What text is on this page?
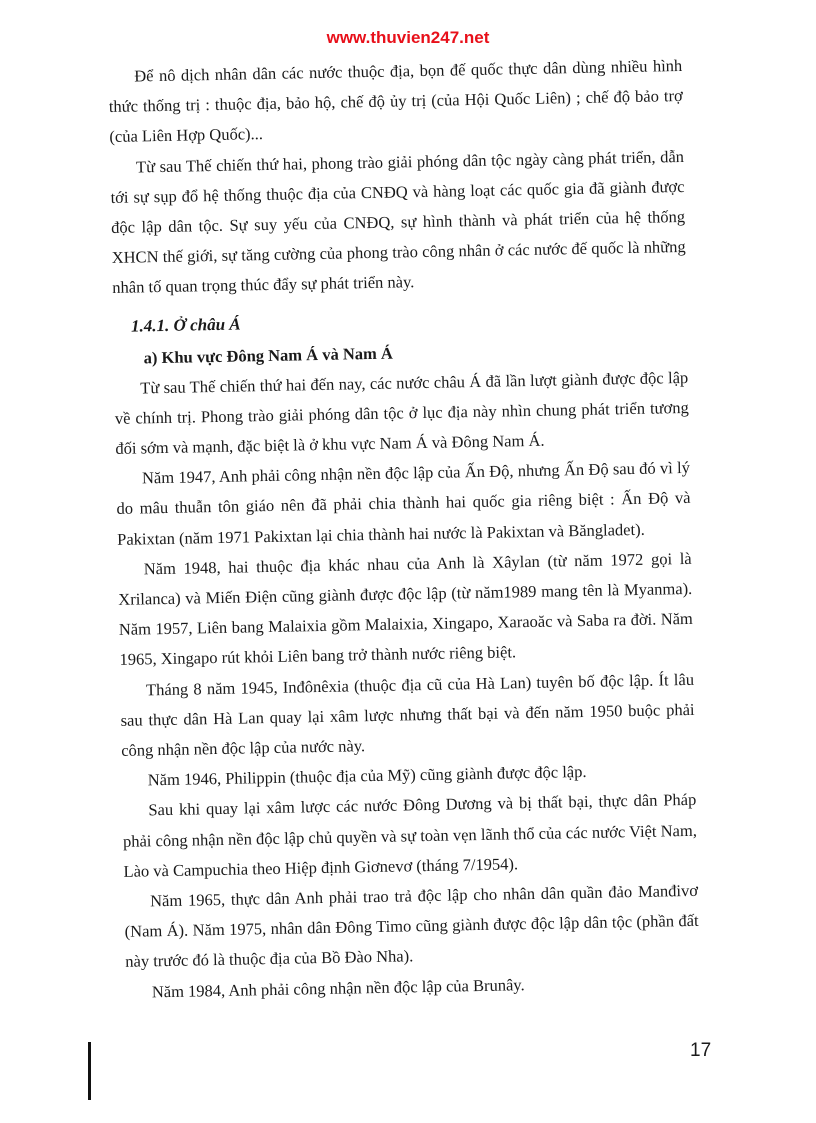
www.thuvien247.net

Để nô dịch nhân dân các nước thuộc địa, bọn đế quốc thực dân dùng nhiều hình thức thống trị : thuộc địa, bảo hộ, chế độ ủy trị (của Hội Quốc Liên) ; chế độ bảo trợ (của Liên Hợp Quốc)...

Từ sau Thế chiến thứ hai, phong trào giải phóng dân tộc ngày càng phát triển, dẫn tới sự sụp đổ hệ thống thuộc địa của CNĐQ và hàng loạt các quốc gia đã giành được độc lập dân tộc. Sự suy yếu của CNĐQ, sự hình thành và phát triển của hệ thống XHCN thế giới, sự tăng cường của phong trào công nhân ở các nước đế quốc là những nhân tố quan trọng thúc đẩy sự phát triển này.

1.4.1. Ở châu Á
a) Khu vực Đông Nam Á và Nam Á

Từ sau Thế chiến thứ hai đến nay, các nước châu Á đã lần lượt giành được độc lập về chính trị. Phong trào giải phóng dân tộc ở lục địa này nhìn chung phát triển tương đối sớm và mạnh, đặc biệt là ở khu vực Nam Á và Đông Nam Á.

Năm 1947, Anh phải công nhận nền độc lập của Ấn Độ, nhưng Ấn Độ sau đó vì lý do mâu thuẫn tôn giáo nên đã phải chia thành hai quốc gia riêng biệt : Ấn Độ và Pakixtan (năm 1971 Pakixtan lại chia thành hai nước là Pakixtan và Băngladet).

Năm 1948, hai thuộc địa khác nhau của Anh là Xâylan (từ năm 1972 gọi là Xrilanca) và Miến Điện cũng giành được độc lập (từ năm1989 mang tên là Myanma). Năm 1957, Liên bang Malaixia gồm Malaixia, Xingapo, Xaraoăc và Saba ra đời. Năm 1965, Xingapo rút khỏi Liên bang trở thành nước riêng biệt.

Tháng 8 năm 1945, Inđônêxia (thuộc địa cũ của Hà Lan) tuyên bố độc lập. Ít lâu sau thực dân Hà Lan quay lại xâm lược nhưng thất bại và đến năm 1950 buộc phải công nhận nền độc lập của nước này.

Năm 1946, Philippin (thuộc địa của Mỹ) cũng giành được độc lập.

Sau khi quay lại xâm lược các nước Đông Dương và bị thất bại, thực dân Pháp phải công nhận nền độc lập chủ quyền và sự toàn vẹn lãnh thổ của các nước Việt Nam, Lào và Campuchia theo Hiệp định Giơnevơ (tháng 7/1954).

Năm 1965, thực dân Anh phải trao trả độc lập cho nhân dân quần đảo Manđivơ (Nam Á). Năm 1975, nhân dân Đông Timo cũng giành được độc lập dân tộc (phần đất này trước đó là thuộc địa của Bồ Đào Nha).

Năm 1984, Anh phải công nhận nền độc lập của Brunây.

17
